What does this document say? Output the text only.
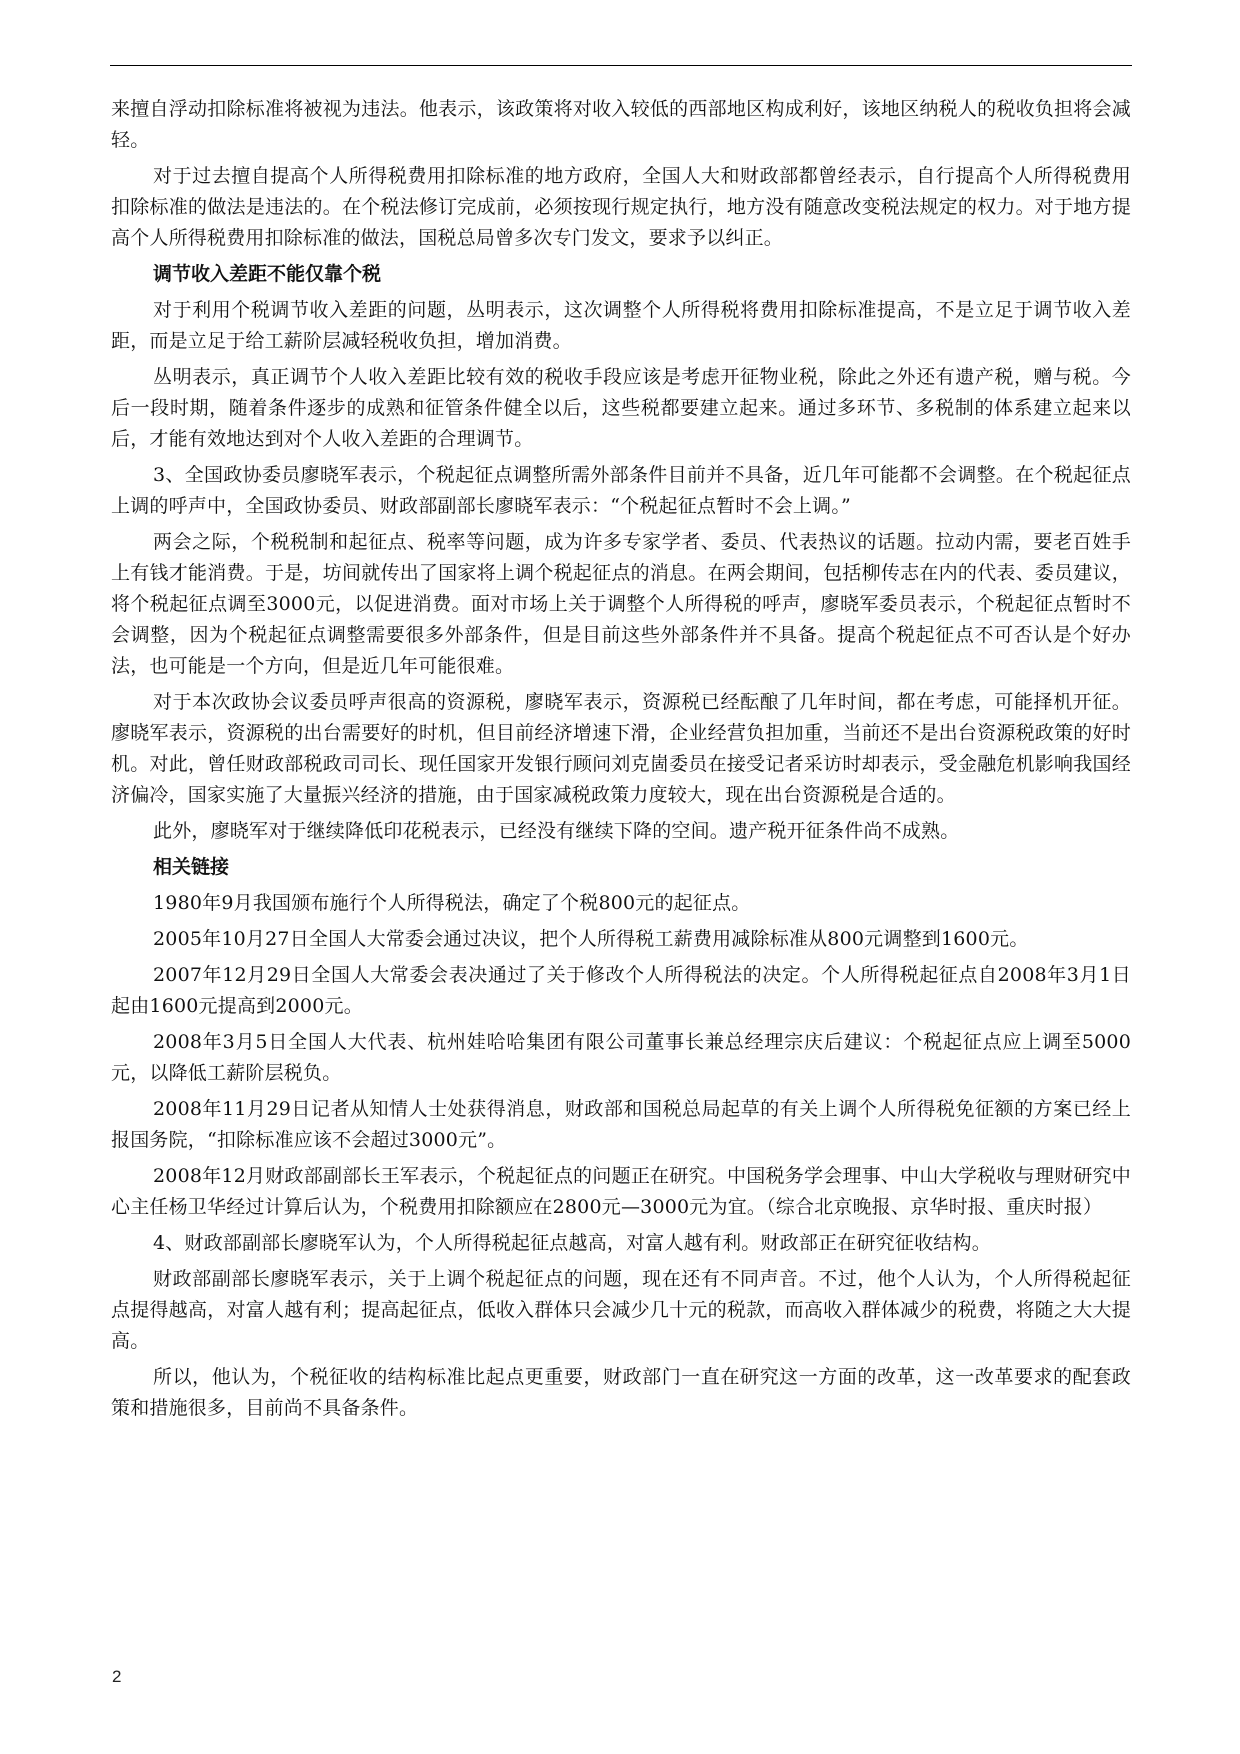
来擅自浮动扣除标准将被视为违法。他表示，该政策将对收入较低的西部地区构成利好，该地区纳税人的税收负担将会减轻。

对于过去擅自提高个人所得税费用扣除标准的地方政府，全国人大和财政部都曾经表示，自行提高个人所得税费用扣除标准的做法是违法的。在个税法修订完成前，必须按现行规定执行，地方没有随意改变税法规定的权力。对于地方提高个人所得税费用扣除标准的做法，国税总局曾多次专门发文，要求予以纠正。

调节收入差距不能仅靠个税

对于利用个税调节收入差距的问题，丛明表示，这次调整个人所得税将费用扣除标准提高，不是立足于调节收入差距，而是立足于给工薪阶层减轻税收负担，增加消费。

丛明表示，真正调节个人收入差距比较有效的税收手段应该是考虑开征物业税，除此之外还有遗产税，赠与税。今后一段时期，随着条件逐步的成熟和征管条件健全以后，这些税都要建立起来。通过多环节、多税制的体系建立起来以后，才能有效地达到对个人收入差距的合理调节。

3、全国政协委员廖晓军表示，个税起征点调整所需外部条件目前并不具备，近几年可能都不会调整。在个税起征点上调的呼声中，全国政协委员、财政部副部长廖晓军表示：“个税起征点暂时不会上调。”

两会之际，个税税制和起征点、税率等问题，成为许多专家学者、委员、代表热议的话题。拉动内需，要老百姓手上有钱才能消费。于是，坊间就传出了国家将上调个税起征点的消息。在两会期间，包括柳传志在内的代表、委员建议，将个税起征点调至3000元，以促进消费。面对市场上关于调整个人所得税的呼声，廖晓军委员表示，个税起征点暂时不会调整，因为个税起征点调整需要很多外部条件，但是目前这些外部条件并不具备。提高个税起征点不可否认是个好办法，也可能是一个方向，但是近几年可能很难。

对于本次政协会议委员呼声很高的资源税，廖晓军表示，资源税已经酝酿了几年时间，都在考虑，可能择机开征。廖晓军表示，资源税的出台需要好的时机，但目前经济增速下滑，企业经营负担加重，当前还不是出台资源税政策的好时机。对此，曾任财政部税政司司长、现任国家开发银行顾问刘克崮委员在接受记者采访时却表示，受金融危机影响我国经济偏冷，国家实施了大量振兴经济的措施，由于国家减税政策力度较大，现在出台资源税是合适的。

此外，廖晓军对于继续降低印花税表示，已经没有继续下降的空间。遗产税开征条件尚不成熟。

相关链接

1980年9月我国颁布施行个人所得税法，确定了个税800元的起征点。

2005年10月27日全国人大常委会通过决议，把个人所得税工薪费用减除标准从800元调整到1600元。

2007年12月29日全国人大常委会表决通过了关于修改个人所得税法的决定。个人所得税起征点自2008年3月1日起由1600元提高到2000元。

2008年3月5日全国人大代表、杭州娃哈哈集团有限公司董事长兼总经理宗庆后建议：个税起征点应上调至5000元，以降低工薪阶层税负。

2008年11月29日记者从知情人士处获得消息，财政部和国税总局起草的有关上调个人所得税免征额的方案已经上报国务院，“扣除标准应该不会超过3000元”。

2008年12月财政部副部长王军表示，个税起征点的问题正在研究。中国税务学会理事、中山大学税收与理财研究中心主任杨卫华经过计算后认为，个税费用扣除额应在2800元—3000元为宜。（综合北京晚报、京华时报、重庆时报）

4、财政部副部长廖晓军认为，个人所得税起征点越高，对富人越有利。财政部正在研究征收结构。

财政部副部长廖晓军表示，关于上调个税起征点的问题，现在还有不同声音。不过，他个人认为，个人所得税起征点提得越高，对富人越有利；提高起征点，低收入群体只会减少几十元的税款，而高收入群体减少的税费，将随之大大提高。

所以，他认为，个税征收的结构标准比起点更重要，财政部门一直在研究这一方面的改革，这一改革要求的配套政策和措施很多，目前尚不具备条件。

2
